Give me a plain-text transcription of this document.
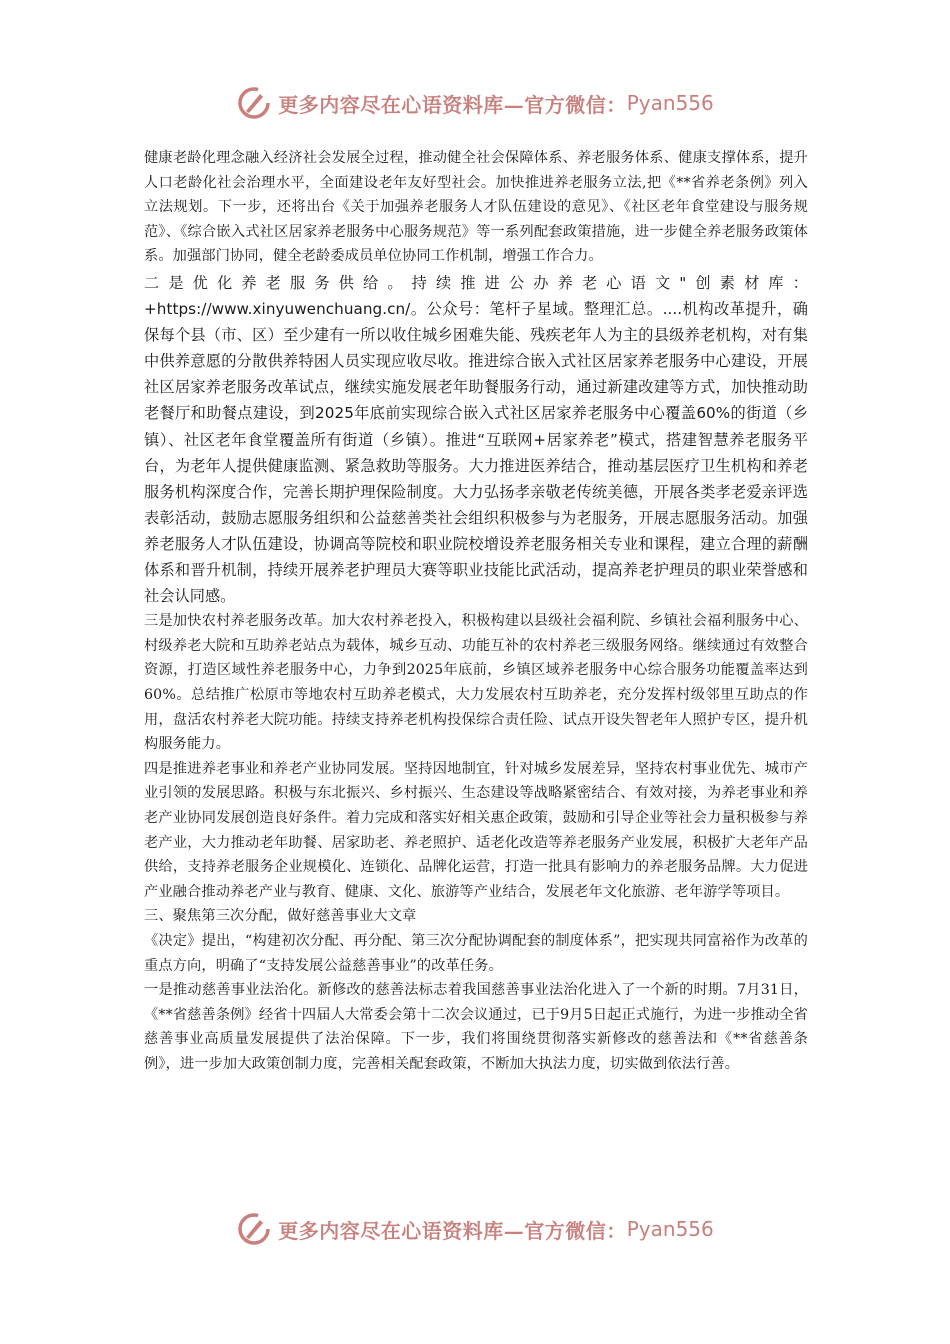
更多内容尽在心语资料库—官方微信： Pyan556

健康老龄化理念融入经济社会发展全过程，推动健全社会保障体系、养老服务体系、健康支撑体系，提升人口老龄化社会治理水平，全面建设老年友好型社会。加快推进养老服务立法,把《**省养老条例》列入立法规划。下一步，还将出台《关于加强养老服务人才队伍建设的意见》、《社区老年食堂建设与服务规范》、《综合嵌入式社区居家养老服务中心服务规范》等一系列配套政策措施，进一步健全养老服务政策体系。加强部门协同，健全老龄委成员单位协同工作机制，增强工作合力。

二是优化养老服务供给。持续推进公办养老心语文"创素材库：+https://www.xinyuwenchuang.cn/。公众号：笔杆子星域。整理汇总。....机构改革提升，确保每个县（市、区）至少建有一所以收住城乡困难失能、残疾老年人为主的县级养老机构，对有集中供养意愿的分散供养特困人员实现应收尽收。推进综合嵌入式社区居家养老服务中心建设，开展社区居家养老服务改革试点，继续实施发展老年助餐服务行动，通过新建改建等方式，加快推动助老餐厅和助餐点建设，到2025年底前实现综合嵌入式社区居家养老服务中心覆盖60%的街道（乡镇）、社区老年食堂覆盖所有街道（乡镇）。推进“互联网+居家养老”模式，搭建智慧养老服务平台，为老年人提供健康监测、紧急救助等服务。大力推进医养结合，推动基层医疗卫生机构和养老服务机构深度合作，完善长期护理保险制度。大力弘扬孝亲敬老传统美德，开展各类孝老爱亲评选表彰活动，鼓励志愿服务组织和公益慈善类社会组织积极参与为老服务，开展志愿服务活动。加强养老服务人才队伍建设，协调高等院校和职业院校增设养老服务相关专业和课程，建立合理的薪酬体系和晋升机制，持续开展养老护理员大赛等职业技能比武活动，提高养老护理员的职业荣誉感和社会认同感。

三是加快农村养老服务改革。加大农村养老投入，积极构建以县级社会福利院、乡镇社会福利服务中心、村级养老大院和互助养老站点为载体，城乡互动、功能互补的农村养老三级服务网络。继续通过有效整合资源，打造区域性养老服务中心，力争到2025年底前，乡镇区域养老服务中心综合服务功能覆盖率达到60%。总结推广松原市等地农村互助养老模式，大力发展农村互助养老，充分发挥村级邻里互助点的作用，盘活农村养老大院功能。持续支持养老机构投保综合责任险、试点开设失智老年人照护专区，提升机构服务能力。

四是推进养老事业和养老产业协同发展。坚持因地制宜，针对城乡发展差异，坚持农村事业优先、城市产业引领的发展思路。积极与东北振兴、乡村振兴、生态建设等战略紧密结合、有效对接，为养老事业和养老产业协同发展创造良好条件。着力完成和落实好相关惠企政策，鼓励和引导企业等社会力量积极参与养老产业，大力推动老年助餐、居家助老、养老照护、适老化改造等养老服务产业发展，积极扩大老年产品供给，支持养老服务企业规模化、连锁化、品牌化运营，打造一批具有影响力的养老服务品牌。大力促进产业融合推动养老产业与教育、健康、文化、旅游等产业结合，发展老年文化旅游、老年游学等项目。

三、聚焦第三次分配，做好慈善事业大文章

《决定》提出，“构建初次分配、再分配、第三次分配协调配套的制度体系”，把实现共同富裕作为改革的重点方向，明确了“支持发展公益慈善事业”的改革任务。

一是推动慈善事业法治化。新修改的慈善法标志着我国慈善事业法治化进入了一个新的时期。7月31日，《**省慈善条例》经省十四届人大常委会第十二次会议通过，已于9月5日起正式施行，为进一步推动全省慈善事业高质量发展提供了法治保障。下一步，我们将围绕贯彻落实新修改的慈善法和《**省慈善条例》，进一步加大政策创制力度，完善相关配套政策，不断加大执法力度，切实做到依法行善。

更多内容尽在心语资料库—官方微信： Pyan556
